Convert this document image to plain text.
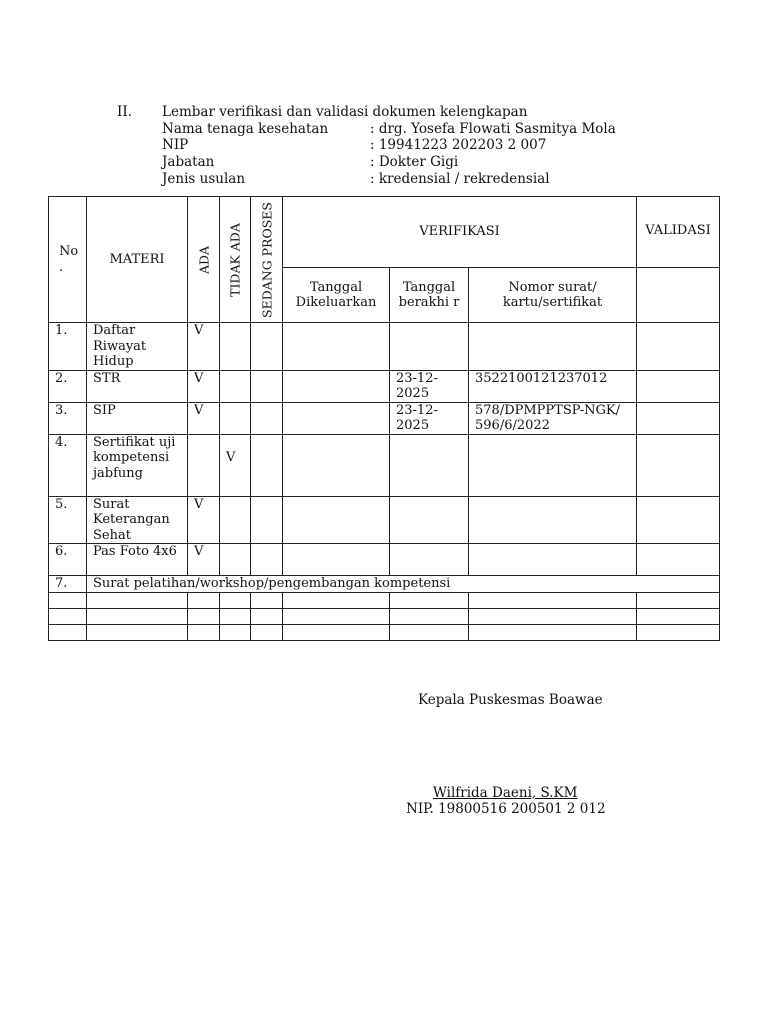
II. Lembar verifikasi dan validasi dokumen kelengkapan
Nama tenaga kesehatan	: drg. Yosefa Flowati Sasmitya Mola
NIP	: 19941223 202203 2 007
Jabatan	: Dokter Gigi
Jenis usulan	: kredensial / rekredensial
No .	MATERI	ADA	TIDAK ADA	SEDANG PROSES	VERIFIKASI			VALIDASI
					Tanggal Dikeluarkan	Tanggal berakhi r	Nomor surat/ kartu/sertifikat	
1.	Daftar Riwayat Hidup	V						
2.	STR	V				23-12-2025	3522100121237012	
3.	SIP	V				23-12-2025	578/DPMPPTSP-NGK/596/6/2022	
4.	Sertifikat uji kompetensi jabfung		V					
5.	Surat Keterangan Sehat	V						
6.	Pas Foto 4x6	V						
7.	Surat pelatihan/workshop/pengembangan kompetensi							

Kepala Puskesmas Boawae
Wilfrida Daeni, S.KM
NIP. 19800516 200501 2 012
